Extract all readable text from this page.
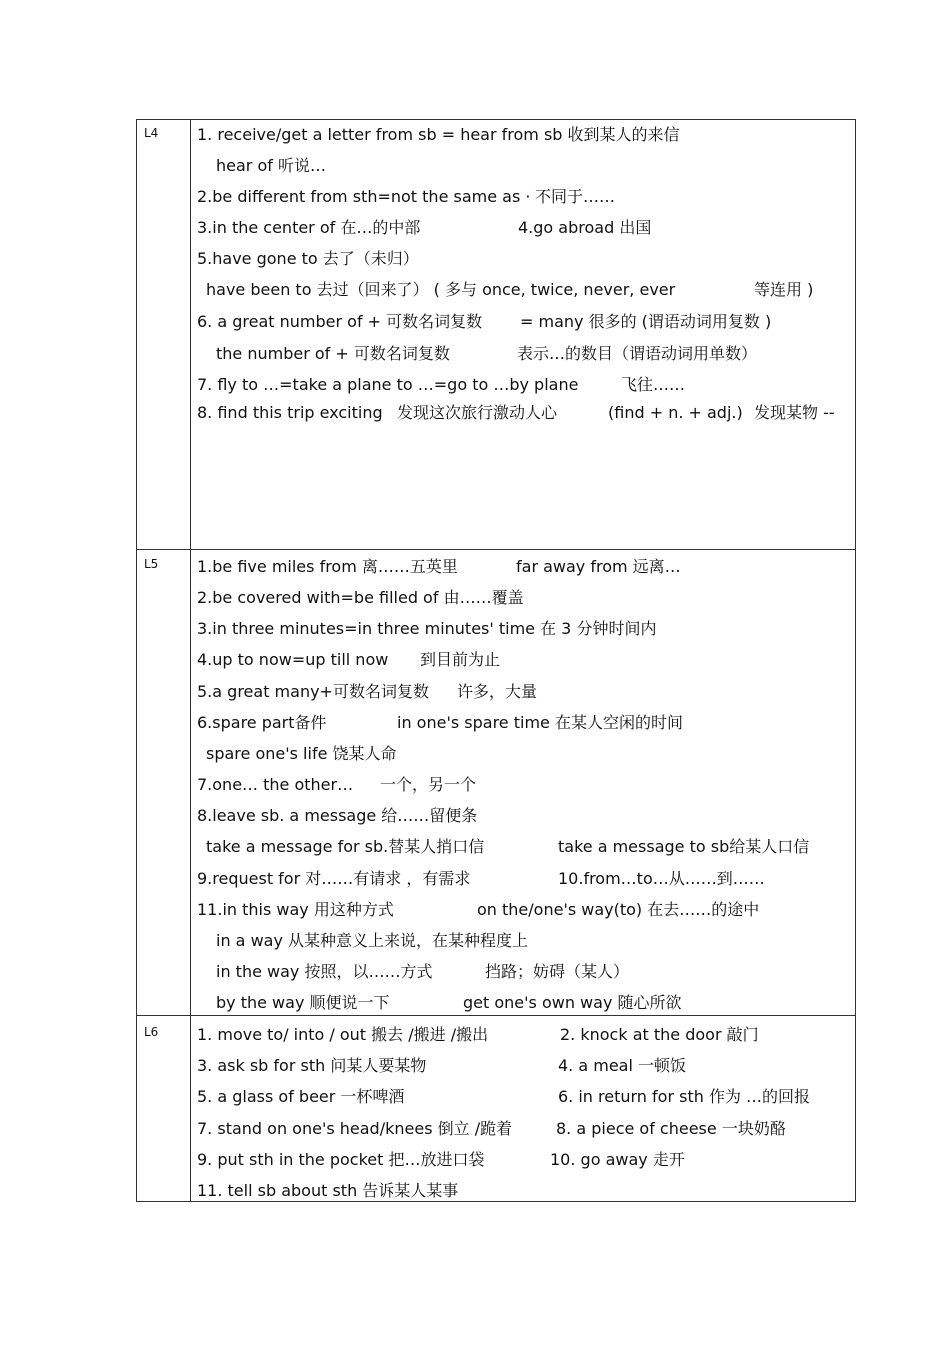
L4 1. receive/get a letter from sb = hear from sb 收到某人的来信
hear of 听说…
2.be different from sth=not the same as · 不同于……
3.in the center of 在…的中部	4.go abroad 出国
5.have gone to 去了（未归）
have been to 去过（回来了） ( 多与 once, twice, never, ever	等连用 )
6. a great number of + 可数名词复数 = many 很多的 (谓语动词用复数 )
the number of + 可数名词复数	表示…的数目（谓语动词用单数）
7. fly to …=take a plane to …=go to …by plane	飞往……
8. find this trip exciting 发现这次旅行激动人心	(find + n. + adj.) 发现某物 --
L5 1.be five miles from 离……五英里	far away from 远离…
2.be covered with=be filled of 由……覆盖
3.in three minutes=in three minutes' time 在 3 分钟时间内
4.up to now=up till now 到目前为止
5.a great many+可数名词复数 许多，大量
6.spare part备件	in one's spare time 在某人空闲的时间
spare one's life 饶某人命
7.one… the other… 一个，另一个
8.leave sb. a message 给……留便条
take a message for sb.替某人捎口信	take a message to sb给某人口信
9.request for 对……有请求 ，有需求	10.from…to…从……到……
11.in this way 用这种方式	on the/one's way(to) 在去……的途中
in a way 从某种意义上来说，在某种程度上
in the way 按照，以……方式	挡路；妨碍（某人）
by the way 顺便说一下	get one's own way 随心所欲
L6 1. move to/ into / out 搬去 /搬进 /搬出	2. knock at the door 敲门
3. ask sb for sth 问某人要某物	4. a meal 一顿饭
5. a glass of beer 一杯啤酒	6. in return for sth 作为 …的回报
7. stand on one's head/knees 倒立 /跪着	8. a piece of cheese 一块奶酪
9. put sth in the pocket 把…放进口袋	10. go away 走开
11. tell sb about sth 告诉某人某事
